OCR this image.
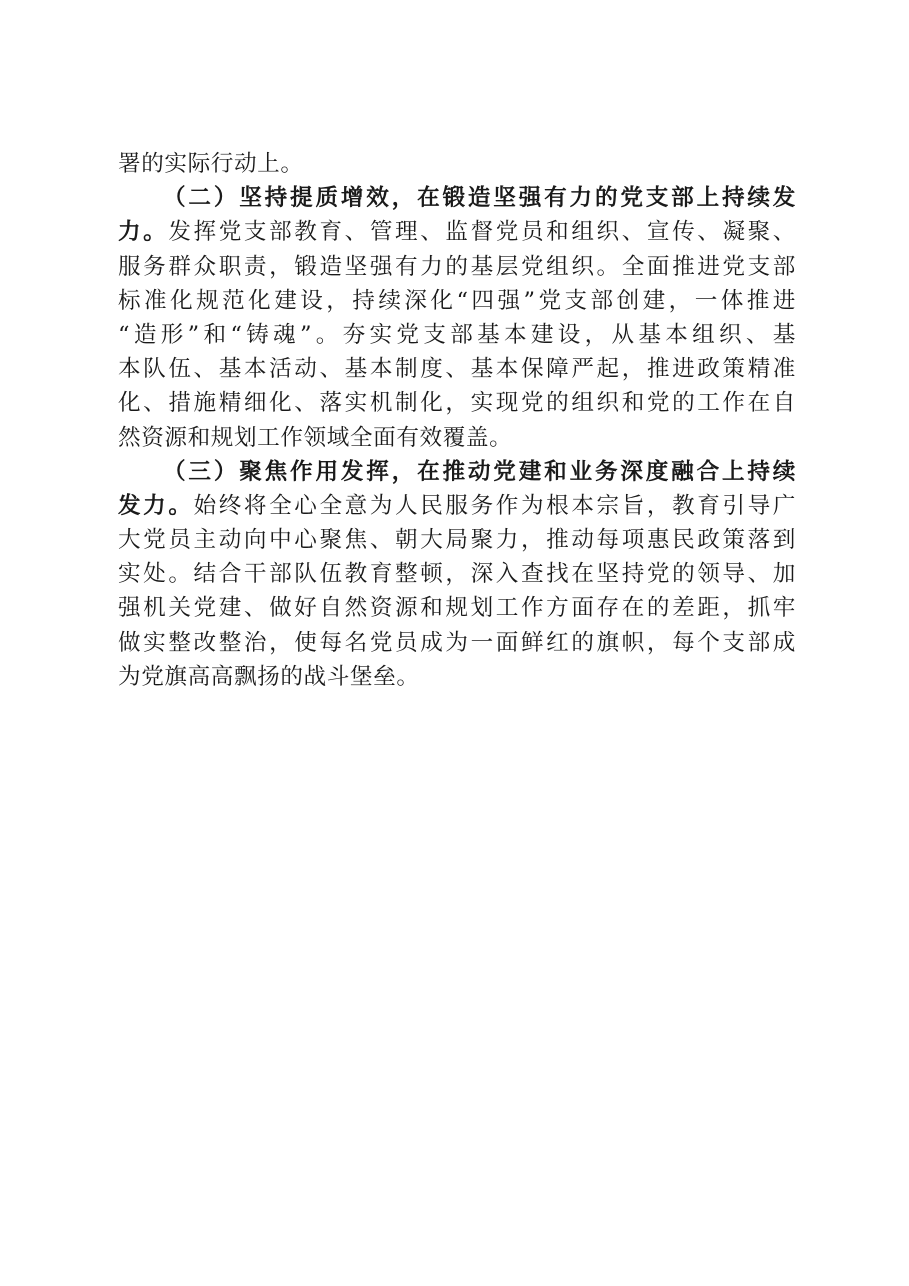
署的实际行动上。
（二）坚持提质增效，在锻造坚强有力的党支部上持续发
力。发挥党支部教育、管理、监督党员和组织、宣传、凝聚、
服务群众职责，锻造坚强有力的基层党组织。全面推进党支部
标准化规范化建设，持续深化“四强”党支部创建，一体推进
“造形”和“铸魂”。夯实党支部基本建设，从基本组织、基
本队伍、基本活动、基本制度、基本保障严起，推进政策精准
化、措施精细化、落实机制化，实现党的组织和党的工作在自
然资源和规划工作领域全面有效覆盖。
（三）聚焦作用发挥，在推动党建和业务深度融合上持续
发力。始终将全心全意为人民服务作为根本宗旨，教育引导广
大党员主动向中心聚焦、朝大局聚力，推动每项惠民政策落到
实处。结合干部队伍教育整顿，深入查找在坚持党的领导、加
强机关党建、做好自然资源和规划工作方面存在的差距，抓牢
做实整改整治，使每名党员成为一面鲜红的旗帜，每个支部成
为党旗高高飘扬的战斗堡垒。
